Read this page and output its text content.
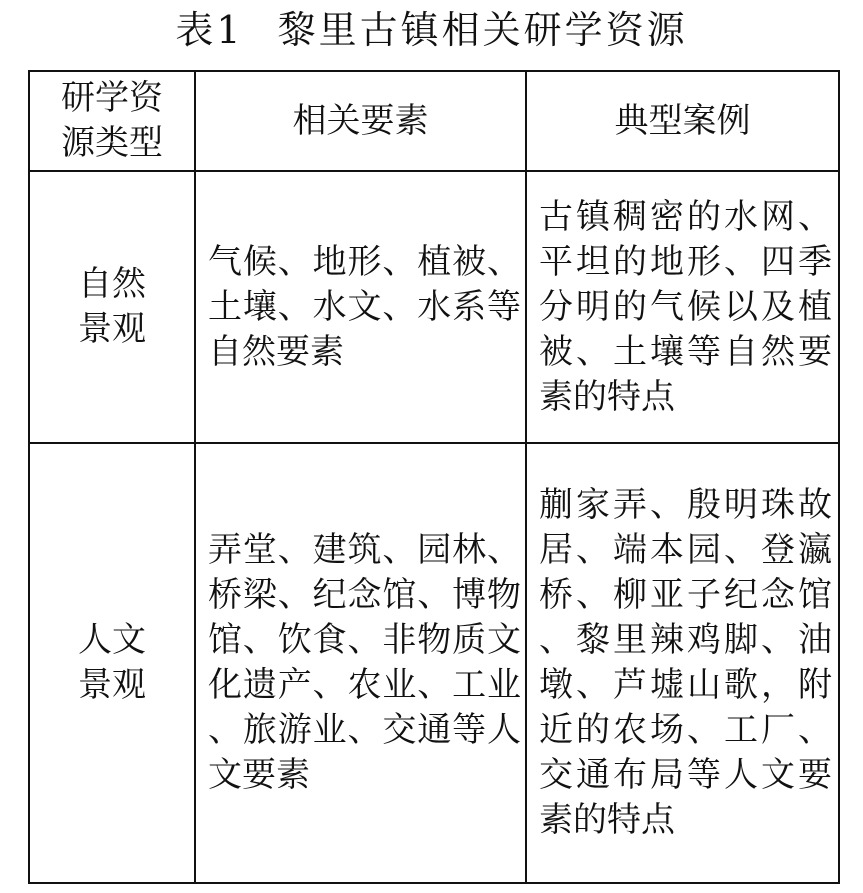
表1 黎里古镇相关研学资源
研学资源类型	相关要素	典型案例
自然景观	气候、地形、植被、土壤、水文、水系等自然要素	古镇稠密的水网、平坦的地形、四季分明的气候以及植被、土壤等自然要素的特点
人文景观	弄堂、建筑、园林、桥梁、纪念馆、博物馆、饮食、非物质文化遗产、农业、工业、旅游业、交通等人文要素	蒯家弄、殷明珠故居、端本园、登瀛桥、柳亚子纪念馆、黎里辣鸡脚、油墩、芦墟山歌，附近的农场、工厂、交通布局等人文要素的特点
